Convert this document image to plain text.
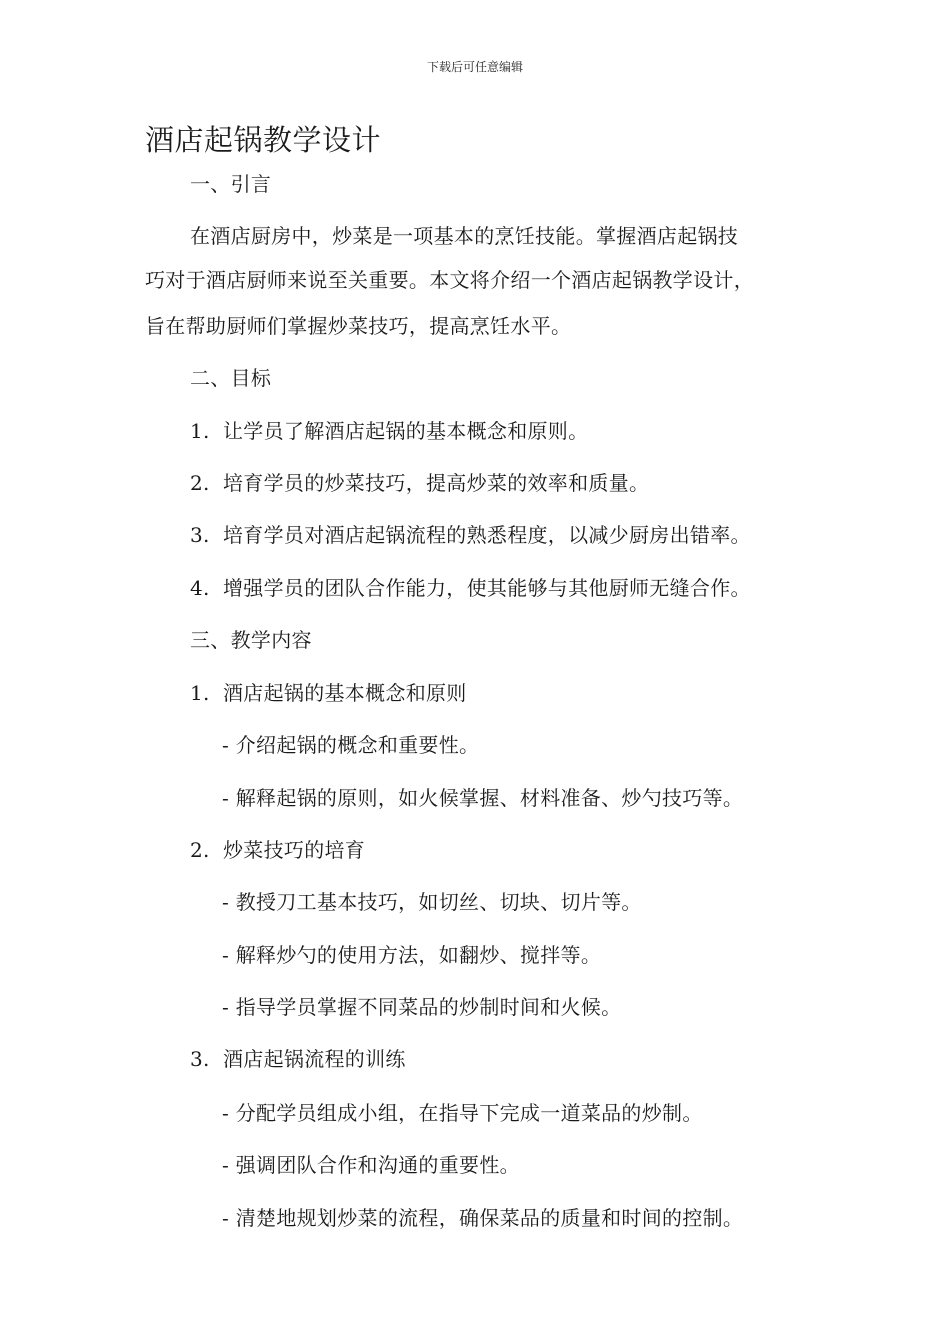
下载后可任意编辑
酒店起锅教学设计
一、引言
在酒店厨房中，炒菜是一项基本的烹饪技能。掌握酒店起锅技
巧对于酒店厨师来说至关重要。本文将介绍一个酒店起锅教学设计，
旨在帮助厨师们掌握炒菜技巧，提高烹饪水平。
二、目标
1. 让学员了解酒店起锅的基本概念和原则。
2. 培育学员的炒菜技巧，提高炒菜的效率和质量。
3. 培育学员对酒店起锅流程的熟悉程度，以减少厨房出错率。
4. 增强学员的团队合作能力，使其能够与其他厨师无缝合作。
三、教学内容
1. 酒店起锅的基本概念和原则
- 介绍起锅的概念和重要性。
- 解释起锅的原则，如火候掌握、材料准备、炒勺技巧等。
2. 炒菜技巧的培育
- 教授刀工基本技巧，如切丝、切块、切片等。
- 解释炒勺的使用方法，如翻炒、搅拌等。
- 指导学员掌握不同菜品的炒制时间和火候。
3. 酒店起锅流程的训练
- 分配学员组成小组，在指导下完成一道菜品的炒制。
- 强调团队合作和沟通的重要性。
- 清楚地规划炒菜的流程，确保菜品的质量和时间的控制。
